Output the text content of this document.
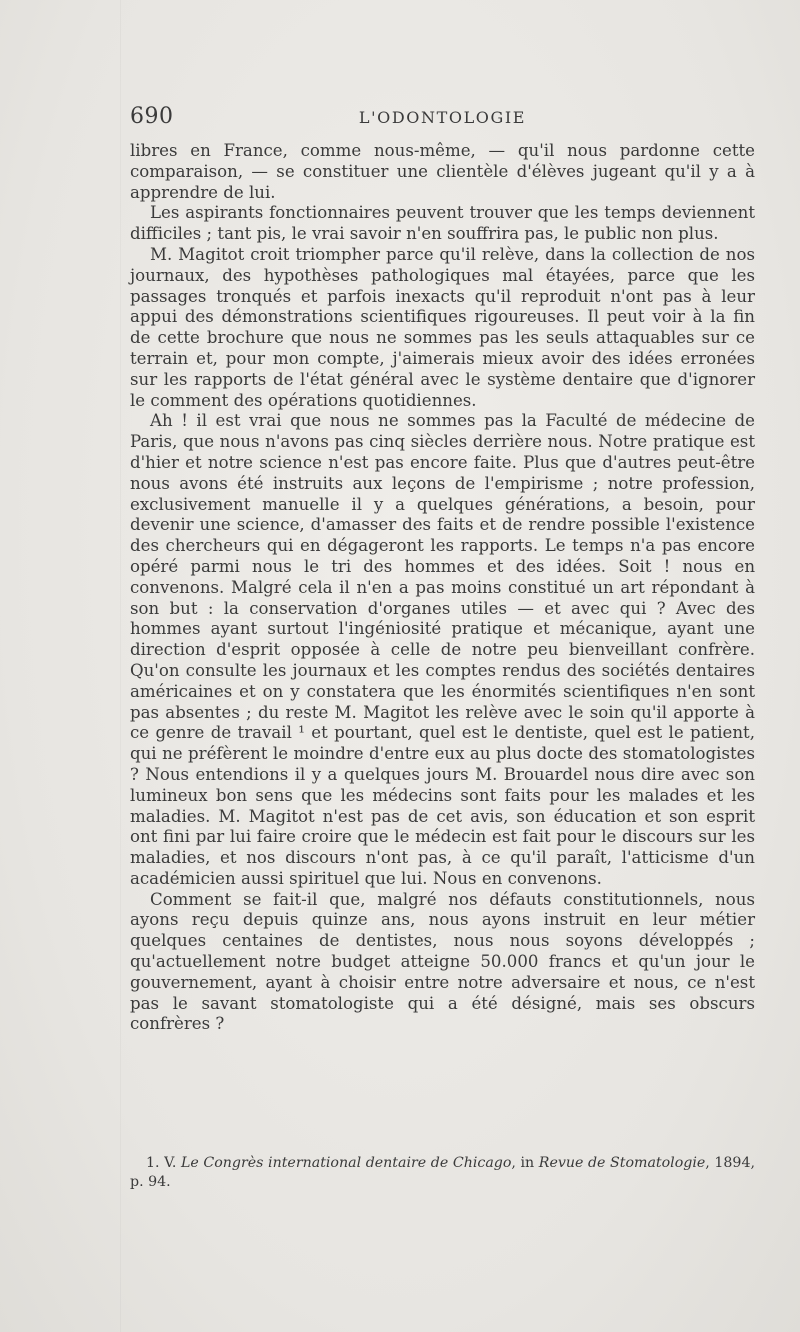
690	L'ODONTOLOGIE

libres en France, comme nous-même, — qu'il nous pardonne cette comparaison, — se constituer une clientèle d'élèves jugeant qu'il y a à apprendre de lui.

Les aspirants fonctionnaires peuvent trouver que les temps deviennent difficiles ; tant pis, le vrai savoir n'en souffrira pas, le public non plus.

M. Magitot croit triompher parce qu'il relève, dans la collection de nos journaux, des hypothèses pathologiques mal étayées, parce que les passages tronqués et parfois inexacts qu'il reproduit n'ont pas à leur appui des démonstrations scientifiques rigoureuses. Il peut voir à la fin de cette brochure que nous ne sommes pas les seuls attaquables sur ce terrain et, pour mon compte, j'aimerais mieux avoir des idées erronées sur les rapports de l'état général avec le système dentaire que d'ignorer le comment des opérations quotidiennes.

Ah ! il est vrai que nous ne sommes pas la Faculté de médecine de Paris, que nous n'avons pas cinq siècles derrière nous. Notre pratique est d'hier et notre science n'est pas encore faite. Plus que d'autres peut-être nous avons été instruits aux leçons de l'empirisme ; notre profession, exclusivement manuelle il y a quelques générations, a besoin, pour devenir une science, d'amasser des faits et de rendre possible l'existence des chercheurs qui en dégageront les rapports. Le temps n'a pas encore opéré parmi nous le tri des hommes et des idées. Soit ! nous en convenons. Malgré cela il n'en a pas moins constitué un art répondant à son but : la conservation d'organes utiles — et avec qui ? Avec des hommes ayant surtout l'ingéniosité pratique et mécanique, ayant une direction d'esprit opposée à celle de notre peu bienveillant confrère. Qu'on consulte les journaux et les comptes rendus des sociétés dentaires américaines et on y constatera que les énormités scientifiques n'en sont pas absentes ; du reste M. Magitot les relève avec le soin qu'il apporte à ce genre de travail ¹ et pourtant, quel est le dentiste, quel est le patient, qui ne préfèrent le moindre d'entre eux au plus docte des stomatologistes ? Nous entendions il y a quelques jours M. Brouardel nous dire avec son lumineux bon sens que les médecins sont faits pour les malades et les maladies. M. Magitot n'est pas de cet avis, son éducation et son esprit ont fini par lui faire croire que le médecin est fait pour le discours sur les maladies, et nos discours n'ont pas, à ce qu'il paraît, l'atticisme d'un académicien aussi spirituel que lui. Nous en convenons.

Comment se fait-il que, malgré nos défauts constitutionnels, nous ayons reçu depuis quinze ans, nous ayons instruit en leur métier quelques centaines de dentistes, nous nous soyons développés ; qu'actuellement notre budget atteigne 50.000 francs et qu'un jour le gouvernement, ayant à choisir entre notre adversaire et nous, ce n'est pas le savant stomatologiste qui a été désigné, mais ses obscurs confrères ?

1. V. Le Congrès international dentaire de Chicago, in Revue de Stomatologie, 1894, p. 94.
